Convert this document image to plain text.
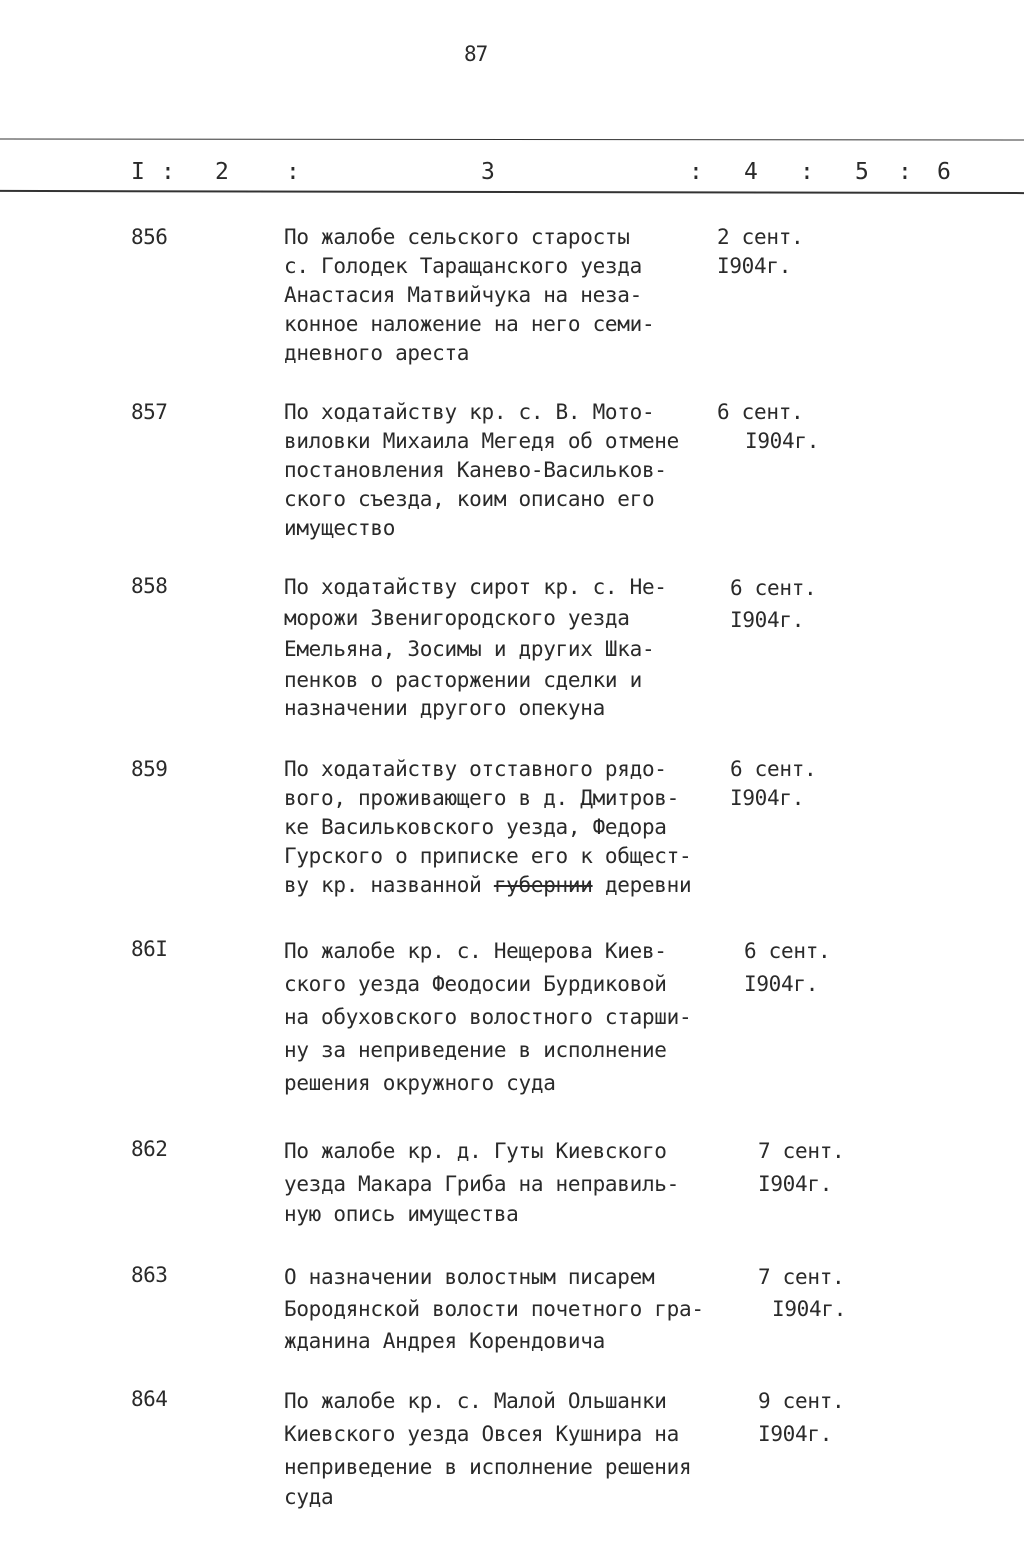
87
I : 2 :	3	: 4 : 5 : 6
856	По жалобе сельского старосты
с. Голодек Таращанского уезда
Анастасия Матвийчука на неза-
конное наложение на него семи-
дневного ареста
2 сент.
I904г.
857	По ходатайству кр. с. В. Мото-
виловки Михаила Мегедя об отмене
постановления Канево-Васильков-
ского съезда, коим описано его
имущество
6 сент.
I904г.
858	По ходатайству сирот кр. с. Не-
морожи Звенигородского уезда
Емельяна, Зосимы и других Шка-
пенков о расторжении сделки и
назначении другого опекуна
6 сент.
I904г.
859	По ходатайству отставного рядо-
вого, проживающего в д. Дмитров-
ке Васильковского уезда, Федора
Гурского о приписке его к общест-
ву кр. названной губернии деревни
6 сент.
I904г.
86I	По жалобе кр. с. Нещерова Киев-
ского уезда Феодосии Бурдиковой
на обуховского волостного старши-
ну за неприведение в исполнение
решения окружного суда
6 сент.
I904г.
862	По жалобе кр. д. Гуты Киевского
уезда Макара Гриба на неправиль-
ную опись имущества
7 сент.
I904г.
863	О назначении волостным писарем
Бородянской волости почетного гра-
жданина Андрея Корендовича
7 сент.
I904г.
864	По жалобе кр. с. Малой Ольшанки
Киевского уезда Овсея Кушнира на
неприведение в исполнение решения
суда
9 сент.
I904г.
